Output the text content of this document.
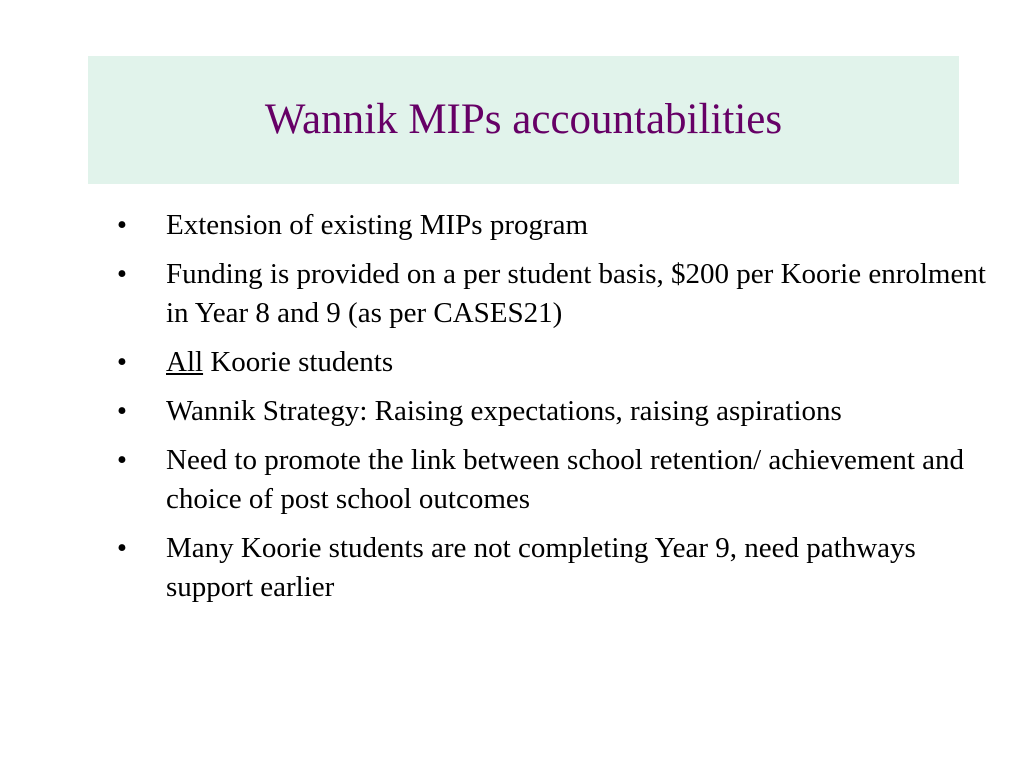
Wannik MIPs accountabilities
• Extension of existing MIPs program
• Funding is provided on a per student basis, $200 per Koorie enrolment in Year 8 and 9 (as per CASES21)
• All Koorie students
• Wannik Strategy: Raising expectations, raising aspirations
• Need to promote the link between school retention/ achievement and choice of post school outcomes
• Many Koorie students are not completing Year 9, need pathways support earlier
